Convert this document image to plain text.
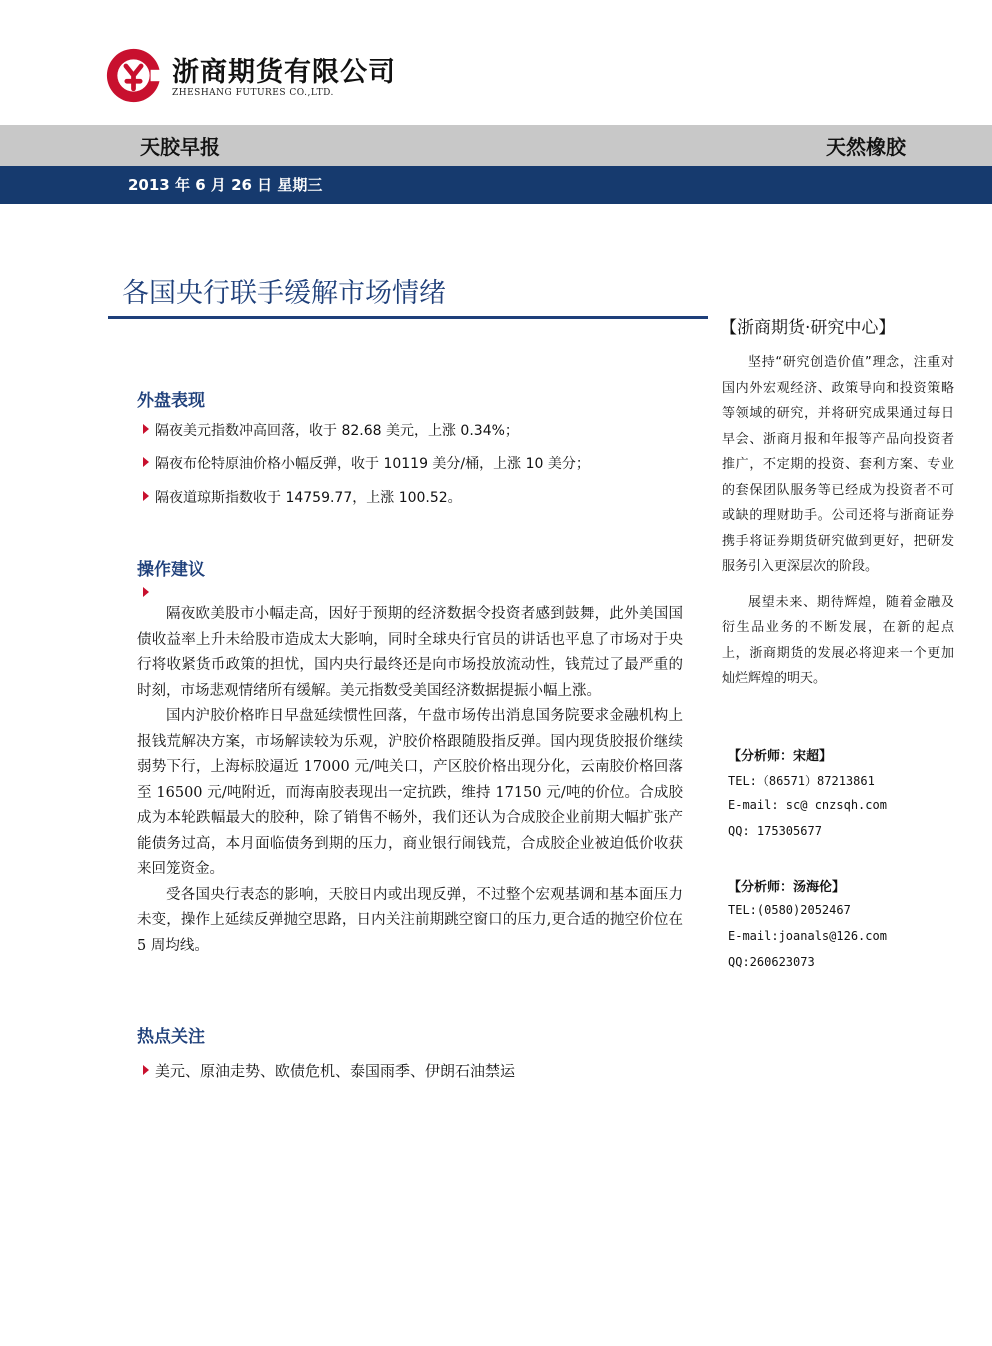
浙商期货有限公司
ZHESHANG FUTURES CO.,LTD.
天胶早报	天然橡胶
2013 年 6 月 26 日 星期三
各国央行联手缓解市场情绪
外盘表现
隔夜美元指数冲高回落，收于 82.68 美元，上涨 0.34%；
隔夜布伦特原油价格小幅反弹，收于 10119 美分/桶，上涨 10 美分；
隔夜道琼斯指数收于 14759.77，上涨 100.52。
操作建议

隔夜欧美股市小幅走高，因好于预期的经济数据令投资者感到鼓舞，此外美国国债收益率上升未给股市造成太大影响，同时全球央行官员的讲话也平息了市场对于央行将收紧货币政策的担忧，国内央行最终还是向市场投放流动性，钱荒过了最严重的时刻，市场悲观情绪所有缓解。美元指数受美国经济数据提振小幅上涨。

国内沪胶价格昨日早盘延续惯性回落，午盘市场传出消息国务院要求金融机构上报钱荒解决方案，市场解读较为乐观，沪胶价格跟随股指反弹。国内现货胶报价继续弱势下行，上海标胶逼近 17000 元/吨关口，产区胶价格出现分化，云南胶价格回落至 16500 元/吨附近，而海南胶表现出一定抗跌，维持 17150 元/吨的价位。合成胶成为本轮跌幅最大的胶种，除了销售不畅外，我们还认为合成胶企业前期大幅扩张产能债务过高，本月面临债务到期的压力，商业银行闹钱荒，合成胶企业被迫低价收获来回笼资金。

受各国央行表态的影响，天胶日内或出现反弹，不过整个宏观基调和基本面压力未变，操作上延续反弹抛空思路，日内关注前期跳空窗口的压力,更合适的抛空价位在 5 周均线。

热点关注
美元、原油走势、欧债危机、泰国雨季、伊朗石油禁运
【浙商期货·研究中心】

坚持“研究创造价值”理念，注重对国内外宏观经济、政策导向和投资策略等领域的研究，并将研究成果通过每日早会、浙商月报和年报等产品向投资者推广，不定期的投资、套利方案、专业的套保团队服务等已经成为投资者不可或缺的理财助手。公司还将与浙商证券携手将证券期货研究做到更好，把研发服务引入更深层次的阶段。

展望未来、期待辉煌，随着金融及衍生品业务的不断发展，在新的起点上，浙商期货的发展必将迎来一个更加灿烂辉煌的明天。

【分析师：宋超】
TEL:（86571）87213861
E-mail: sc@ cnzsqh.com
QQ: 175305677
【分析师：汤海伦】
TEL:(0580)2052467
E-mail:joanals@126.com
QQ:260623073
